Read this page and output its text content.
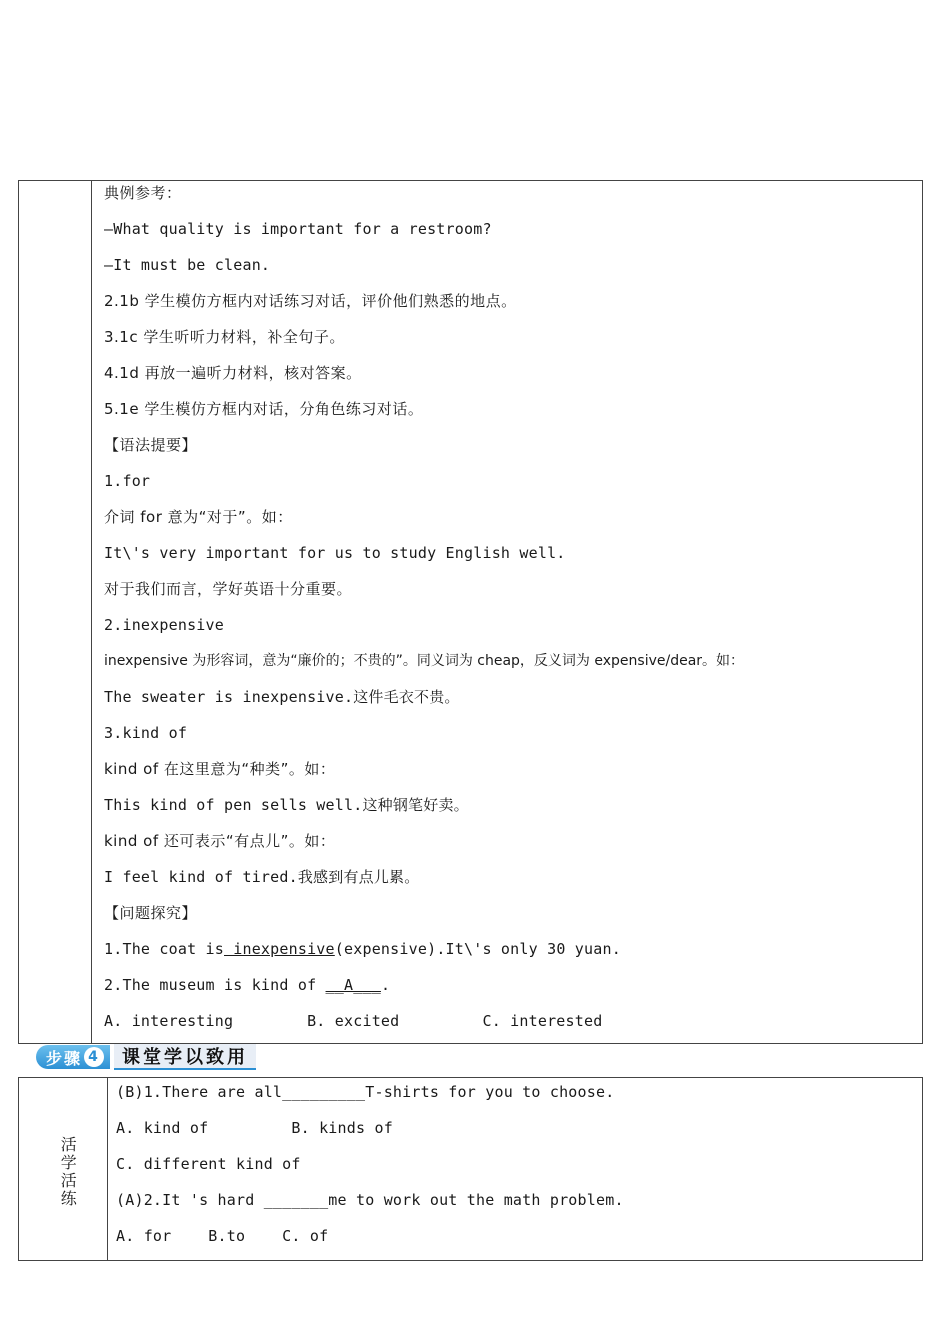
典例参考：
—What quality is important for a restroom?
—It must be clean.
2.1b 学生模仿方框内对话练习对话，评价他们熟悉的地点。
3.1c 学生听听力材料，补全句子。
4.1d 再放一遍听力材料，核对答案。
5.1e 学生模仿方框内对话，分角色练习对话。
【语法提要】
1.for
介词 for 意为“对于”。如：
It\'s very important for us to study English well.
对于我们而言，学好英语十分重要。
2.inexpensive
inexpensive 为形容词，意为“廉价的；不贵的”。同义词为 cheap，反义词为 expensive/dear。如：
The sweater is inexpensive.这件毛衣不贵。
3.kind of
kind of 在这里意为“种类”。如：
This kind of pen sells well.这种钢笔好卖。
kind of 还可表示“有点儿”。如：
I feel kind of tired.我感到有点儿累。
【问题探究】
1.The coat is inexpensive(expensive).It\'s only 30 yuan.
2.The museum is kind of __A___.
A. interesting        B. excited         C. interested
步骤 4	课堂学以致用
活
学
活
练
(B)1.There are all_________T-shirts for you to choose.
A. kind of         B. kinds of
C. different kind of
(A)2.It 's hard _______me to work out the math problem.
A. for    B.to    C. of
